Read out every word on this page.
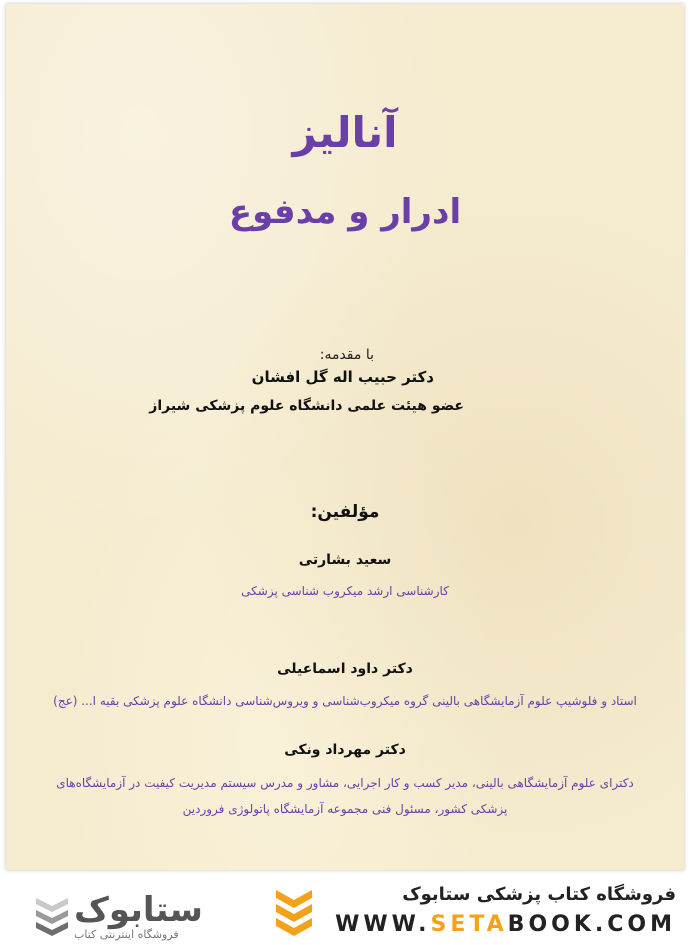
آنالیز
ادرار و مدفوع
با مقدمه:
دکتر حبیب اله گل افشان
عضو هیئت علمی دانشگاه علوم پزشکی شیراز
مؤلفین:
سعید بشارتی
کارشناسی ارشد میکروب شناسی پزشکی
دکتر داود اسماعیلی
استاد و فلوشیپ علوم آزمایشگاهی بالینی گروه میکروب‌شناسی و ویروس‌شناسی دانشگاه علوم پزشکی بقیه ا... (عج)
دکتر مهرداد ونکی
دکترای علوم آزمایشگاهی بالینی، مدیر کسب و کار اجرایی، مشاور و مدرس سیستم مدیریت کیفیت در آزمایشگاه‌های پزشکی کشور، مسئول فنی مجموعه آزمایشگاه پاتولوژی فروردین
ستابوک
فروشگاه اینترنتی کتاب
فروشگاه کتاب پزشکی ستابوک
WWW.SETABOOK.COM
